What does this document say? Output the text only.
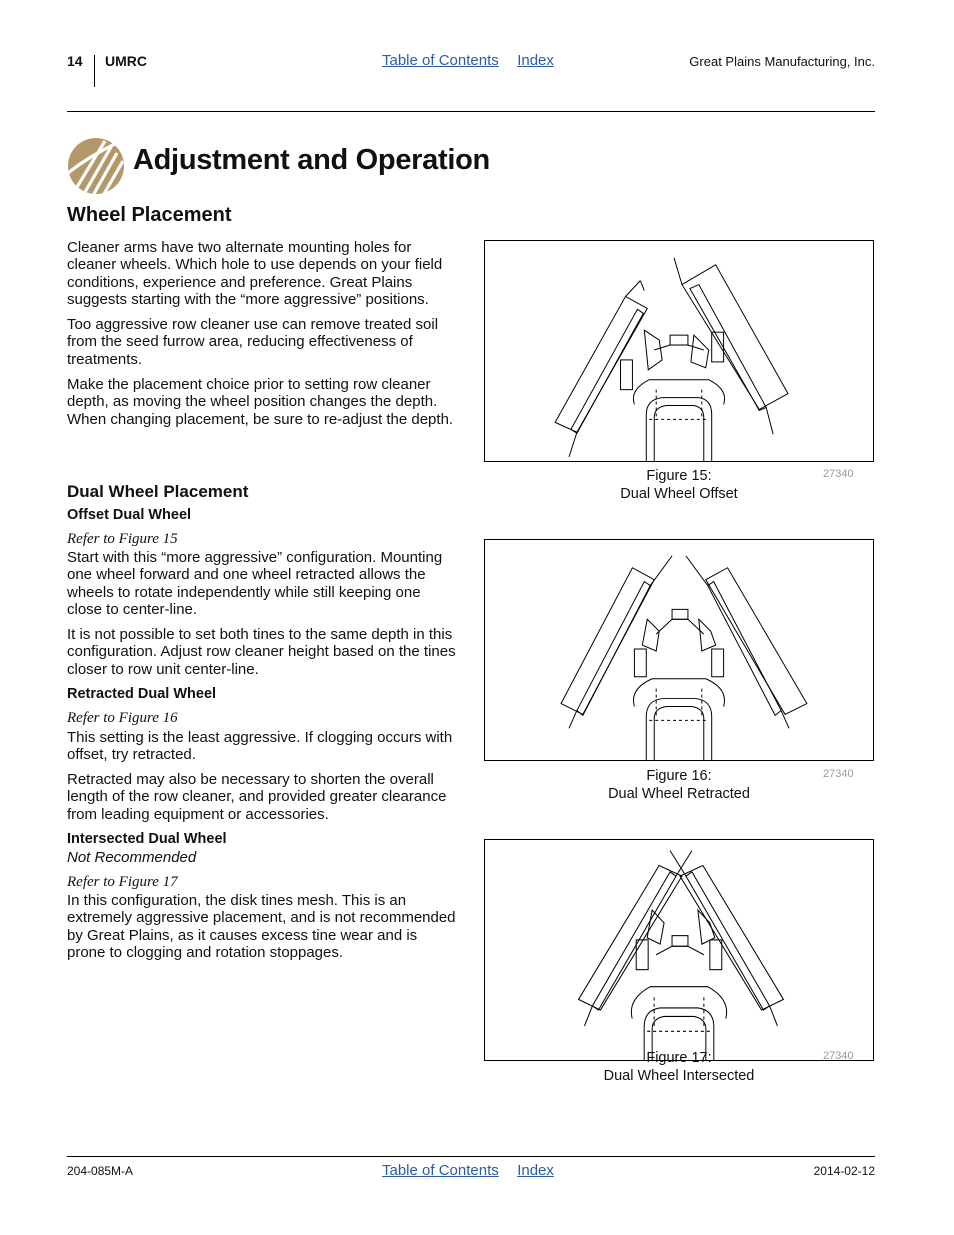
14 UMRC	Table of Contents Index	Great Plains Manufacturing, Inc.
Adjustment and Operation
Wheel Placement
Cleaner arms have two alternate mounting holes for cleaner wheels. Which hole to use depends on your field conditions, experience and preference. Great Plains suggests starting with the “more aggressive” positions.
Too aggressive row cleaner use can remove treated soil from the seed furrow area, reducing effectiveness of treatments.
Make the placement choice prior to setting row cleaner depth, as moving the wheel position changes the depth. When changing placement, be sure to re-adjust the depth.
Dual Wheel Placement
Offset Dual Wheel
Refer to Figure 15
Start with this “more aggressive” configuration. Mounting one wheel forward and one wheel retracted allows the wheels to rotate independently while still keeping one close to center-line.
It is not possible to set both tines to the same depth in this configuration. Adjust row cleaner height based on the tines closer to row unit center-line.
Retracted Dual Wheel
Refer to Figure 16
This setting is the least aggressive. If clogging occurs with offset, try retracted.
Retracted may also be necessary to shorten the overall length of the row cleaner, and provided greater clearance from leading equipment or accessories.
Intersected Dual Wheel
Not Recommended
Refer to Figure 17
In this configuration, the disk tines mesh. This is an extremely aggressive placement, and is not recommended by Great Plains, as it causes excess tine wear and is prone to clogging and rotation stoppages.
Figure 15:
Dual Wheel Offset
27340
Figure 16:
Dual Wheel Retracted
27340
Figure 17:
Dual Wheel Intersected
27340
204-085M-A	Table of Contents Index	2014-02-12
